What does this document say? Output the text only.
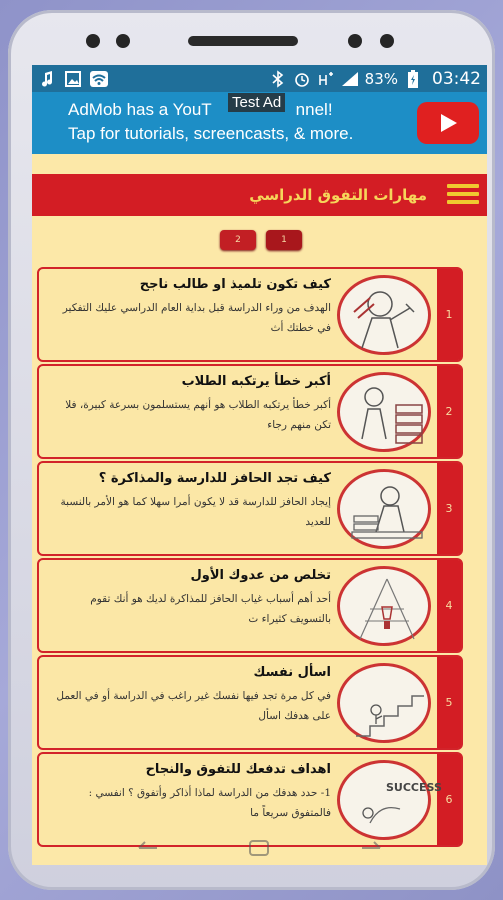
83% 03:42
AdMob has a YouT	nnel!
Tap for tutorials, screencasts, & more.
Test Ad
مهارات التفوق الدراسي
2	1
1
كيف تكون تلميذ او طالب ناجح
الهدف من وراء الدراسة قبل بداية العام الدراسي عليك التفكير في خطتك أث
2
أكبر خطأ يرتكبه الطلاب
أكبر خطأ يرتكبه الطلاب هو أنهم يستسلمون بسرعة كبيرة، فلا تكن منهم رجاء
3
كيف تجد الحافز للدارسة والمذاكرة ؟
إيجاد الحافز للدارسة قد لا يكون أمرا سهلا كما هو الأمر بالنسبة للعديد
4
تخلص من عدوك الأول
أحد أهم أسباب غياب الحافز للمذاكرة لديك هو أنك تقوم بالتسويف كثيراء ت
5
اسأل نفسك
في كل مرة تجد فيها نفسك غير راغب في الدراسة أو في العمل على هدفك اسأل
6
SUCCESS
اهداف تدفعك للتفوق والنجاح
1- حدد هدفك من الدراسة لماذا أذاكر وأتفوق ؟ انفسي : فالمتفوق سريعاً ما
